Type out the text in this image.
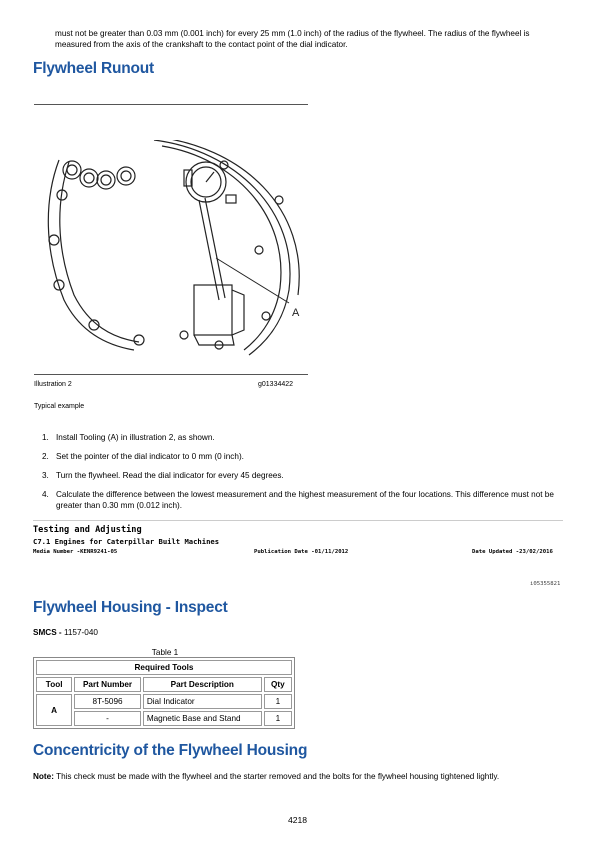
must not be greater than 0.03 mm (0.001 inch) for every 25 mm (1.0 inch) of the radius of the flywheel. The radius of the flywheel is measured from the axis of the crankshaft to the contact point of the dial indicator.
Flywheel Runout
A
Illustration 2	g01334422
Typical example
1. Install Tooling (A) in illustration 2, as shown.
2. Set the pointer of the dial indicator to 0 mm (0 inch).
3. Turn the flywheel. Read the dial indicator for every 45 degrees.
4. Calculate the difference between the lowest measurement and the highest measurement of the four locations. This difference must not be greater than 0.30 mm (0.012 inch).
Testing and Adjusting
C7.1 Engines for Caterpillar Built Machines
Media Number -KENR9241-05	Publication Date -01/11/2012	Date Updated -23/02/2016
i05355821
Flywheel Housing - Inspect
SMCS - 1157-040
Table 1
Required Tools			
Tool	Part Number	Part Description	Qty
A	8T-5096	Dial Indicator	1
	-	Magnetic Base and Stand	1
Concentricity of the Flywheel Housing
Note: This check must be made with the flywheel and the starter removed and the bolts for the flywheel housing tightened lightly.
4218
